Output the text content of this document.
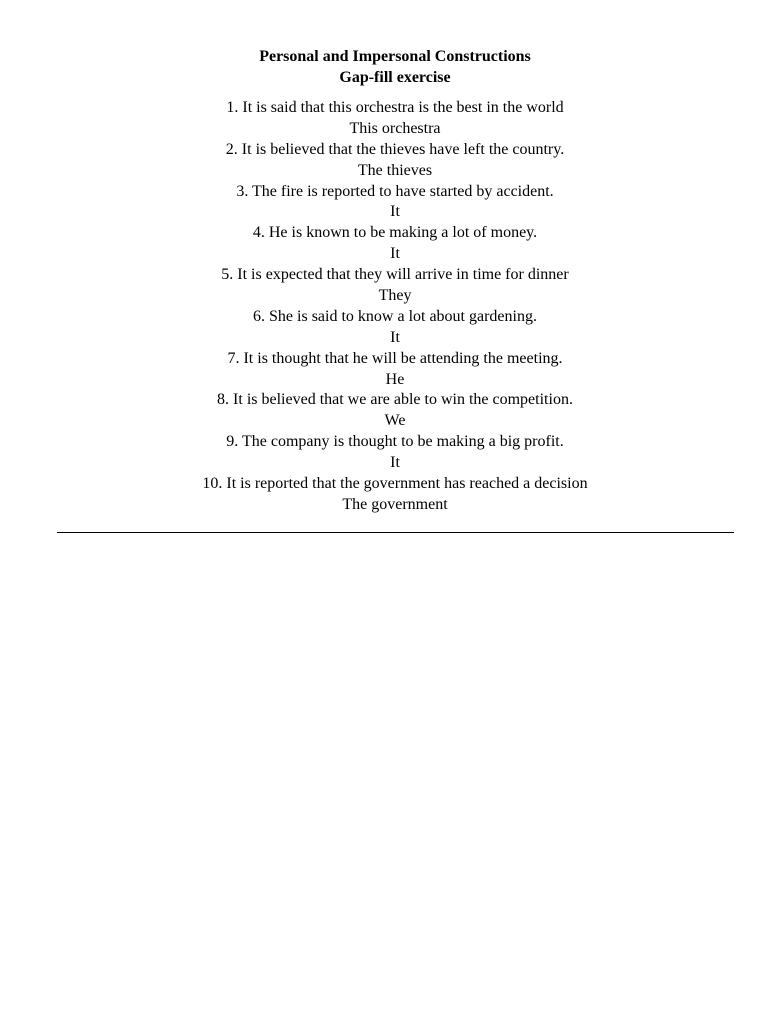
Personal and Impersonal Constructions
Gap-fill exercise
1. It is said that this orchestra is the best in the world
This orchestra
2. It is believed that the thieves have left the country.
The thieves
3. The fire is reported to have started by accident.
It
4. He is known to be making a lot of money.
It
5. It is expected that they will arrive in time for dinner
They
6. She is said to know a lot about gardening.
It
7. It is thought that he will be attending the meeting.
He
8. It is believed that we are able to win the competition.
We
9. The company is thought to be making a big profit.
It
10. It is reported that the government has reached a decision
The government
